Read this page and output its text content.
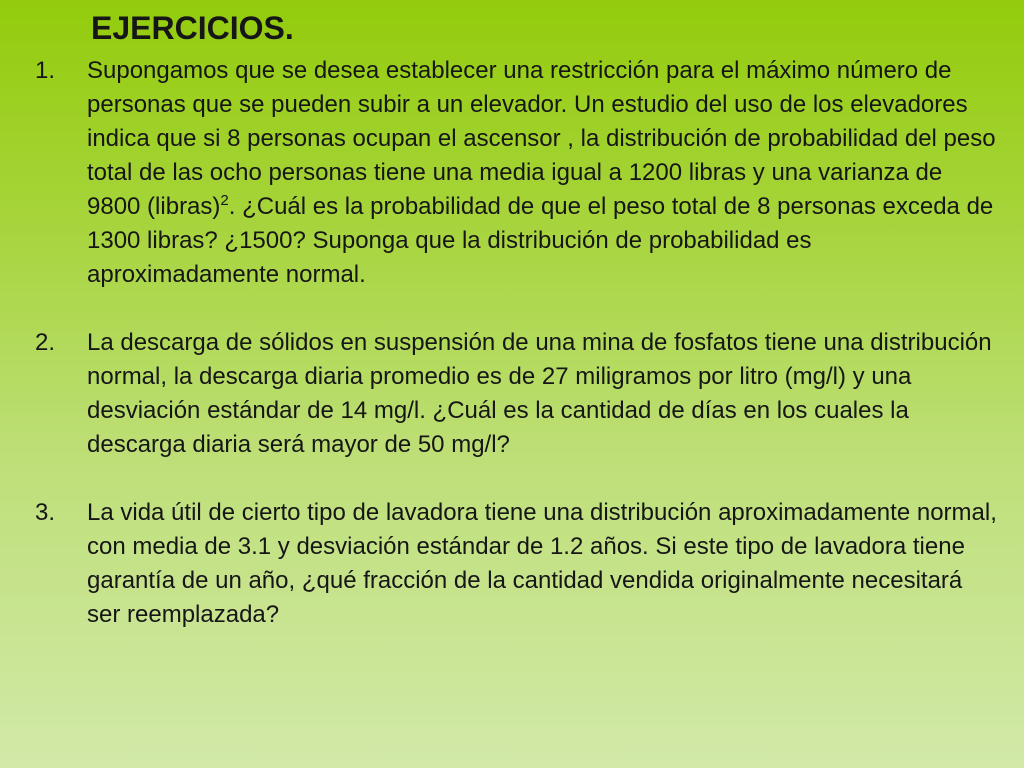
EJERCICIOS.
1. Supongamos que se desea establecer una restricción para el máximo número de personas que se pueden subir a un elevador. Un estudio del uso de los elevadores indica que si 8 personas ocupan el ascensor , la distribución de probabilidad del peso total de las ocho personas tiene una media igual a 1200 libras y una varianza de 9800 (libras)$^2$. ¿Cuál es la probabilidad de que el peso total de 8 personas exceda de 1300 libras? ¿1500? Suponga que la distribución de probabilidad es aproximadamente normal.
2. La descarga de sólidos en suspensión de una mina de fosfatos tiene una distribución normal, la descarga diaria promedio es de 27 miligramos por litro (mg/l) y una desviación estándar de 14 mg/l. ¿Cuál es la cantidad de días en los cuales la descarga diaria será mayor de 50 mg/l?
3. La vida útil de cierto tipo de lavadora tiene una distribución aproximadamente normal, con media de 3.1 y desviación estándar de 1.2 años. Si este tipo de lavadora tiene garantía de un año, ¿qué fracción de la cantidad vendida originalmente necesitará ser reemplazada?
